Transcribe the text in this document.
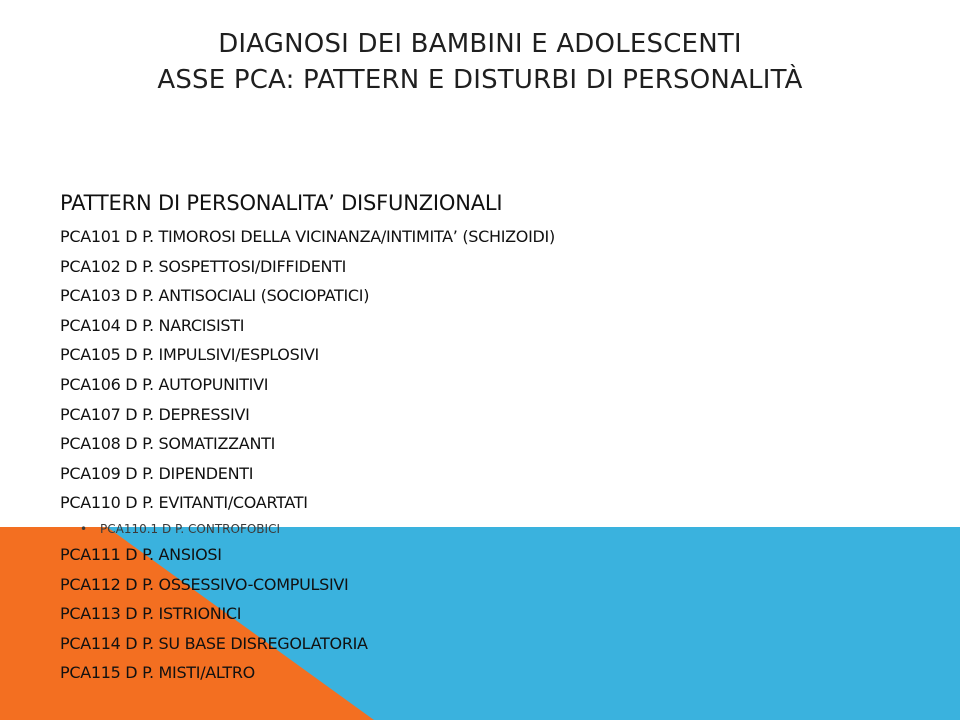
DIAGNOSI DEI BAMBINI E ADOLESCENTI
ASSE PCA: PATTERN E DISTURBI DI PERSONALITÀ
PATTERN DI PERSONALITA’ DISFUNZIONALI
PCA101 D P. TIMOROSI DELLA VICINANZA/INTIMITA’ (SCHIZOIDI)
PCA102 D P. SOSPETTOSI/DIFFIDENTI
PCA103 D P. ANTISOCIALI (SOCIOPATICI)
PCA104 D P. NARCISISTI
PCA105 D P. IMPULSIVI/ESPLOSIVI
PCA106 D P. AUTOPUNITIVI
PCA107 D P. DEPRESSIVI
PCA108 D P. SOMATIZZANTI
PCA109 D P. DIPENDENTI
PCA110 D P. EVITANTI/COARTATI
• PCA110.1 D P. CONTROFOBICI
PCA111 D P. ANSIOSI
PCA112 D P. OSSESSIVO-COMPULSIVI
PCA113 D P. ISTRIONICI
PCA114 D P. SU BASE DISREGOLATORIA
PCA115 D P. MISTI/ALTRO
